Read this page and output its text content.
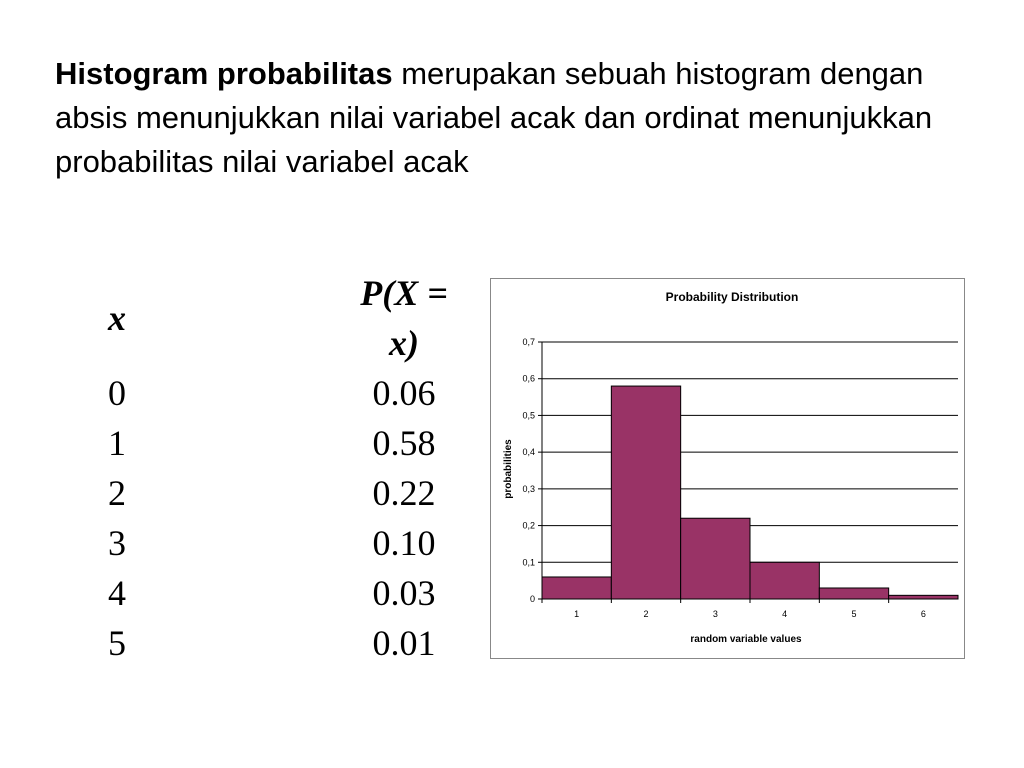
Histogram probabilitas merupakan sebuah histogram dengan absis menunjukkan nilai variabel acak dan ordinat menunjukkan probabilitas nilai variabel acak

x	P(X = x)
0	0.06
1	0.58
2	0.22
3	0.10
4	0.03
5	0.01
0
0,1
0,2
0,3
0,4
0,5
0,6
0,7
1	2	3	4	5	6
Probability Distribution
random variable values
probabilities
